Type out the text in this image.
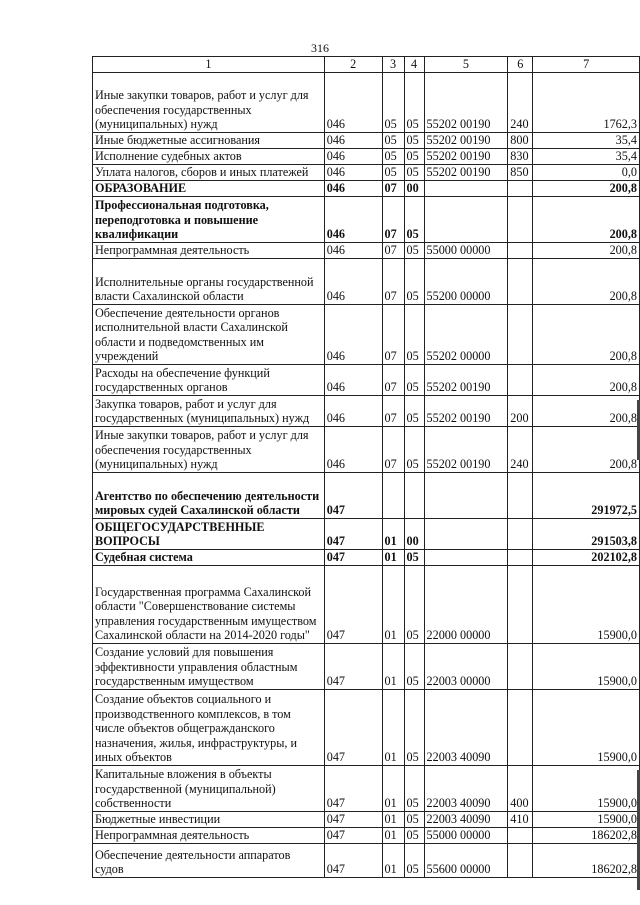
316
1	2	3	4	5	6	7
Иные закупки товаров, работ и услуг для обеспечения государственных (муниципальных) нужд	046	05	05	55202 00190	240	1762,3
Иные бюджетные ассигнования	046	05	05	55202 00190	800	35,4
Исполнение судебных актов	046	05	05	55202 00190	830	35,4
Уплата налогов, сборов и иных платежей	046	05	05	55202 00190	850	0,0
ОБРАЗОВАНИЕ	046	07	00			200,8
Профессиональная подготовка, переподготовка и повышение квалификации	046	07	05			200,8
Непрограммная деятельность	046	07	05	55000 00000		200,8
Исполнительные органы государственной власти Сахалинской области	046	07	05	55200 00000		200,8
Обеспечение деятельности органов исполнительной власти Сахалинской области и подведомственных им учреждений	046	07	05	55202 00000		200,8
Расходы на обеспечение функций государственных органов	046	07	05	55202 00190		200,8
Закупка товаров, работ и услуг для государственных (муниципальных) нужд	046	07	05	55202 00190	200	200,8
Иные закупки товаров, работ и услуг для обеспечения государственных (муниципальных) нужд	046	07	05	55202 00190	240	200,8
Агентство по обеспечению деятельности мировых судей Сахалинской области	047					291972,5
ОБЩЕГОСУДАРСТВЕННЫЕ ВОПРОСЫ	047	01	00			291503,8
Судебная система	047	01	05			202102,8
Государственная программа Сахалинской области "Совершенствование системы управления государственным имуществом Сахалинской области на 2014-2020 годы"	047	01	05	22000 00000		15900,0
Создание условий для повышения эффективности управления областным государственным имуществом	047	01	05	22003 00000		15900,0
Создание объектов социального и производственного комплексов, в том числе объектов общегражданского назначения, жилья, инфраструктуры, и иных объектов	047	01	05	22003 40090		15900,0
Капитальные вложения в объекты государственной (муниципальной) собственности	047	01	05	22003 40090	400	15900,0
Бюджетные инвестиции	047	01	05	22003 40090	410	15900,0
Непрограммная деятельность	047	01	05	55000 00000		186202,8
Обеспечение деятельности аппаратов судов	047	01	05	55600 00000		186202,8
